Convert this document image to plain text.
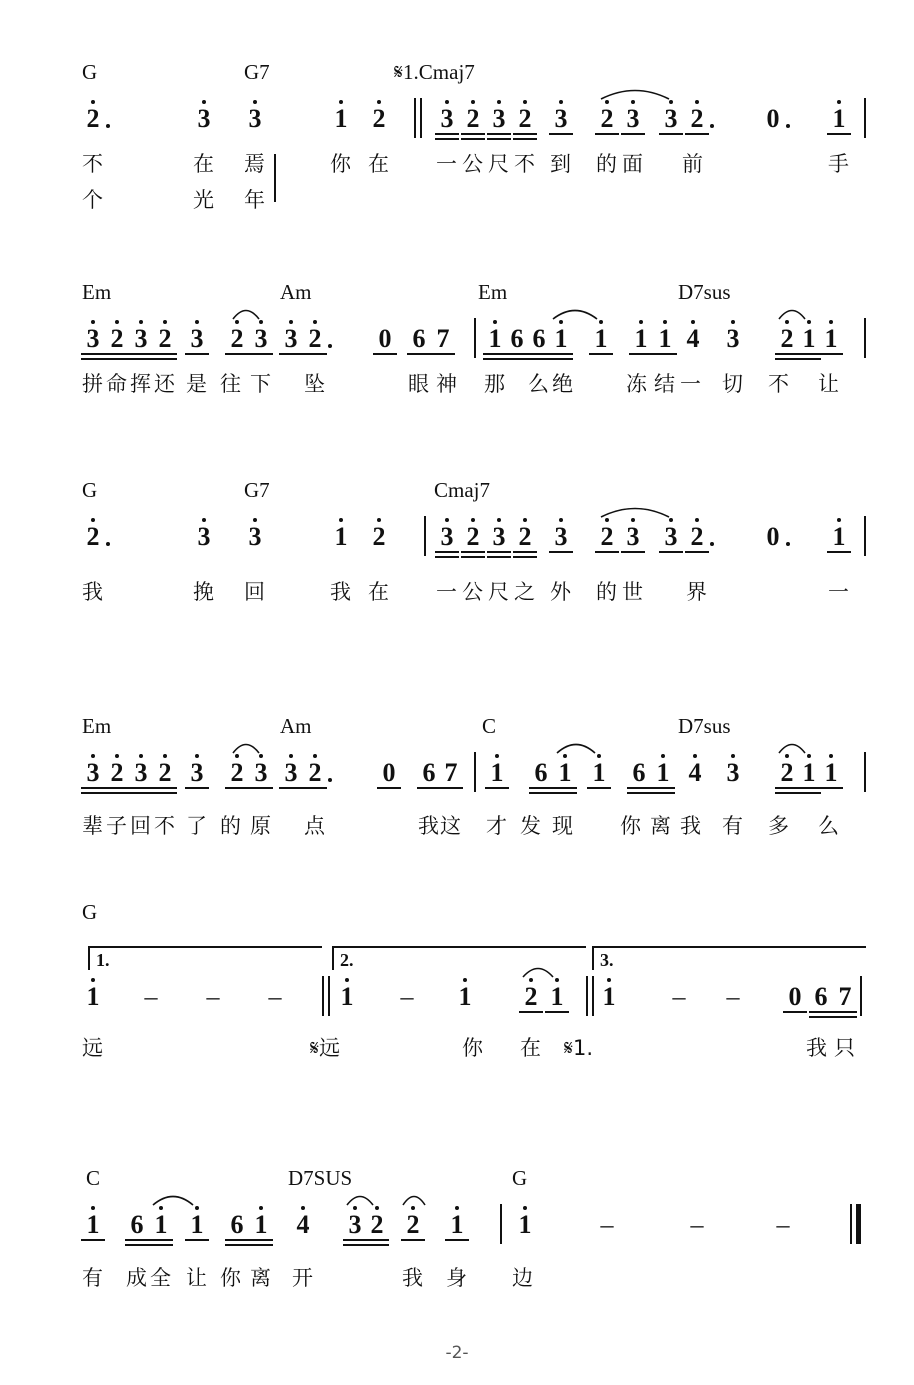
G	G7	𝄋1.Cmaj7
2	3 3	1 2 3 2 3 2 3 2 3 3 2 0 1
不	在 焉	你 在 一 公 尺 不 到 的 面 前	手
个	光 年
Em	Am	Em	D7sus
3 2 3 2 3 2 3 3 2 0 6 7 1 6 6 1 1 1 1 4 3 2 1 1
拼 命 挥 还 是 往 下 坠	眼 神 那 么 绝	冻 结 一 切 不 让
G	G7	Cmaj7
2	3 3	1 2 3 2 3 2 3 2 3 3 2 0 1
我	挽 回	我 在 一 公 尺 之 外 的 世 界	一
Em	Am	C	D7sus
3 2 3 2 3 2 3 3 2 0 6 7 1 6 1 1 6 1 4 3 2 1 1
辈 子 回 不 了 的 原 点	我 这 才 发 现 你 离 我 有 多 么
G
1.	2.	3.
1 – – – 1 – 1 2 1 1 – – 0 6 7
远	𝄋远	你 在 𝄋1.	我 只
C	D7SUS	G
1 6 1 1 6 1 4 3 2 2 1 1	–	–	–
有 成 全 让 你 离 开	我 身 边
-2-
